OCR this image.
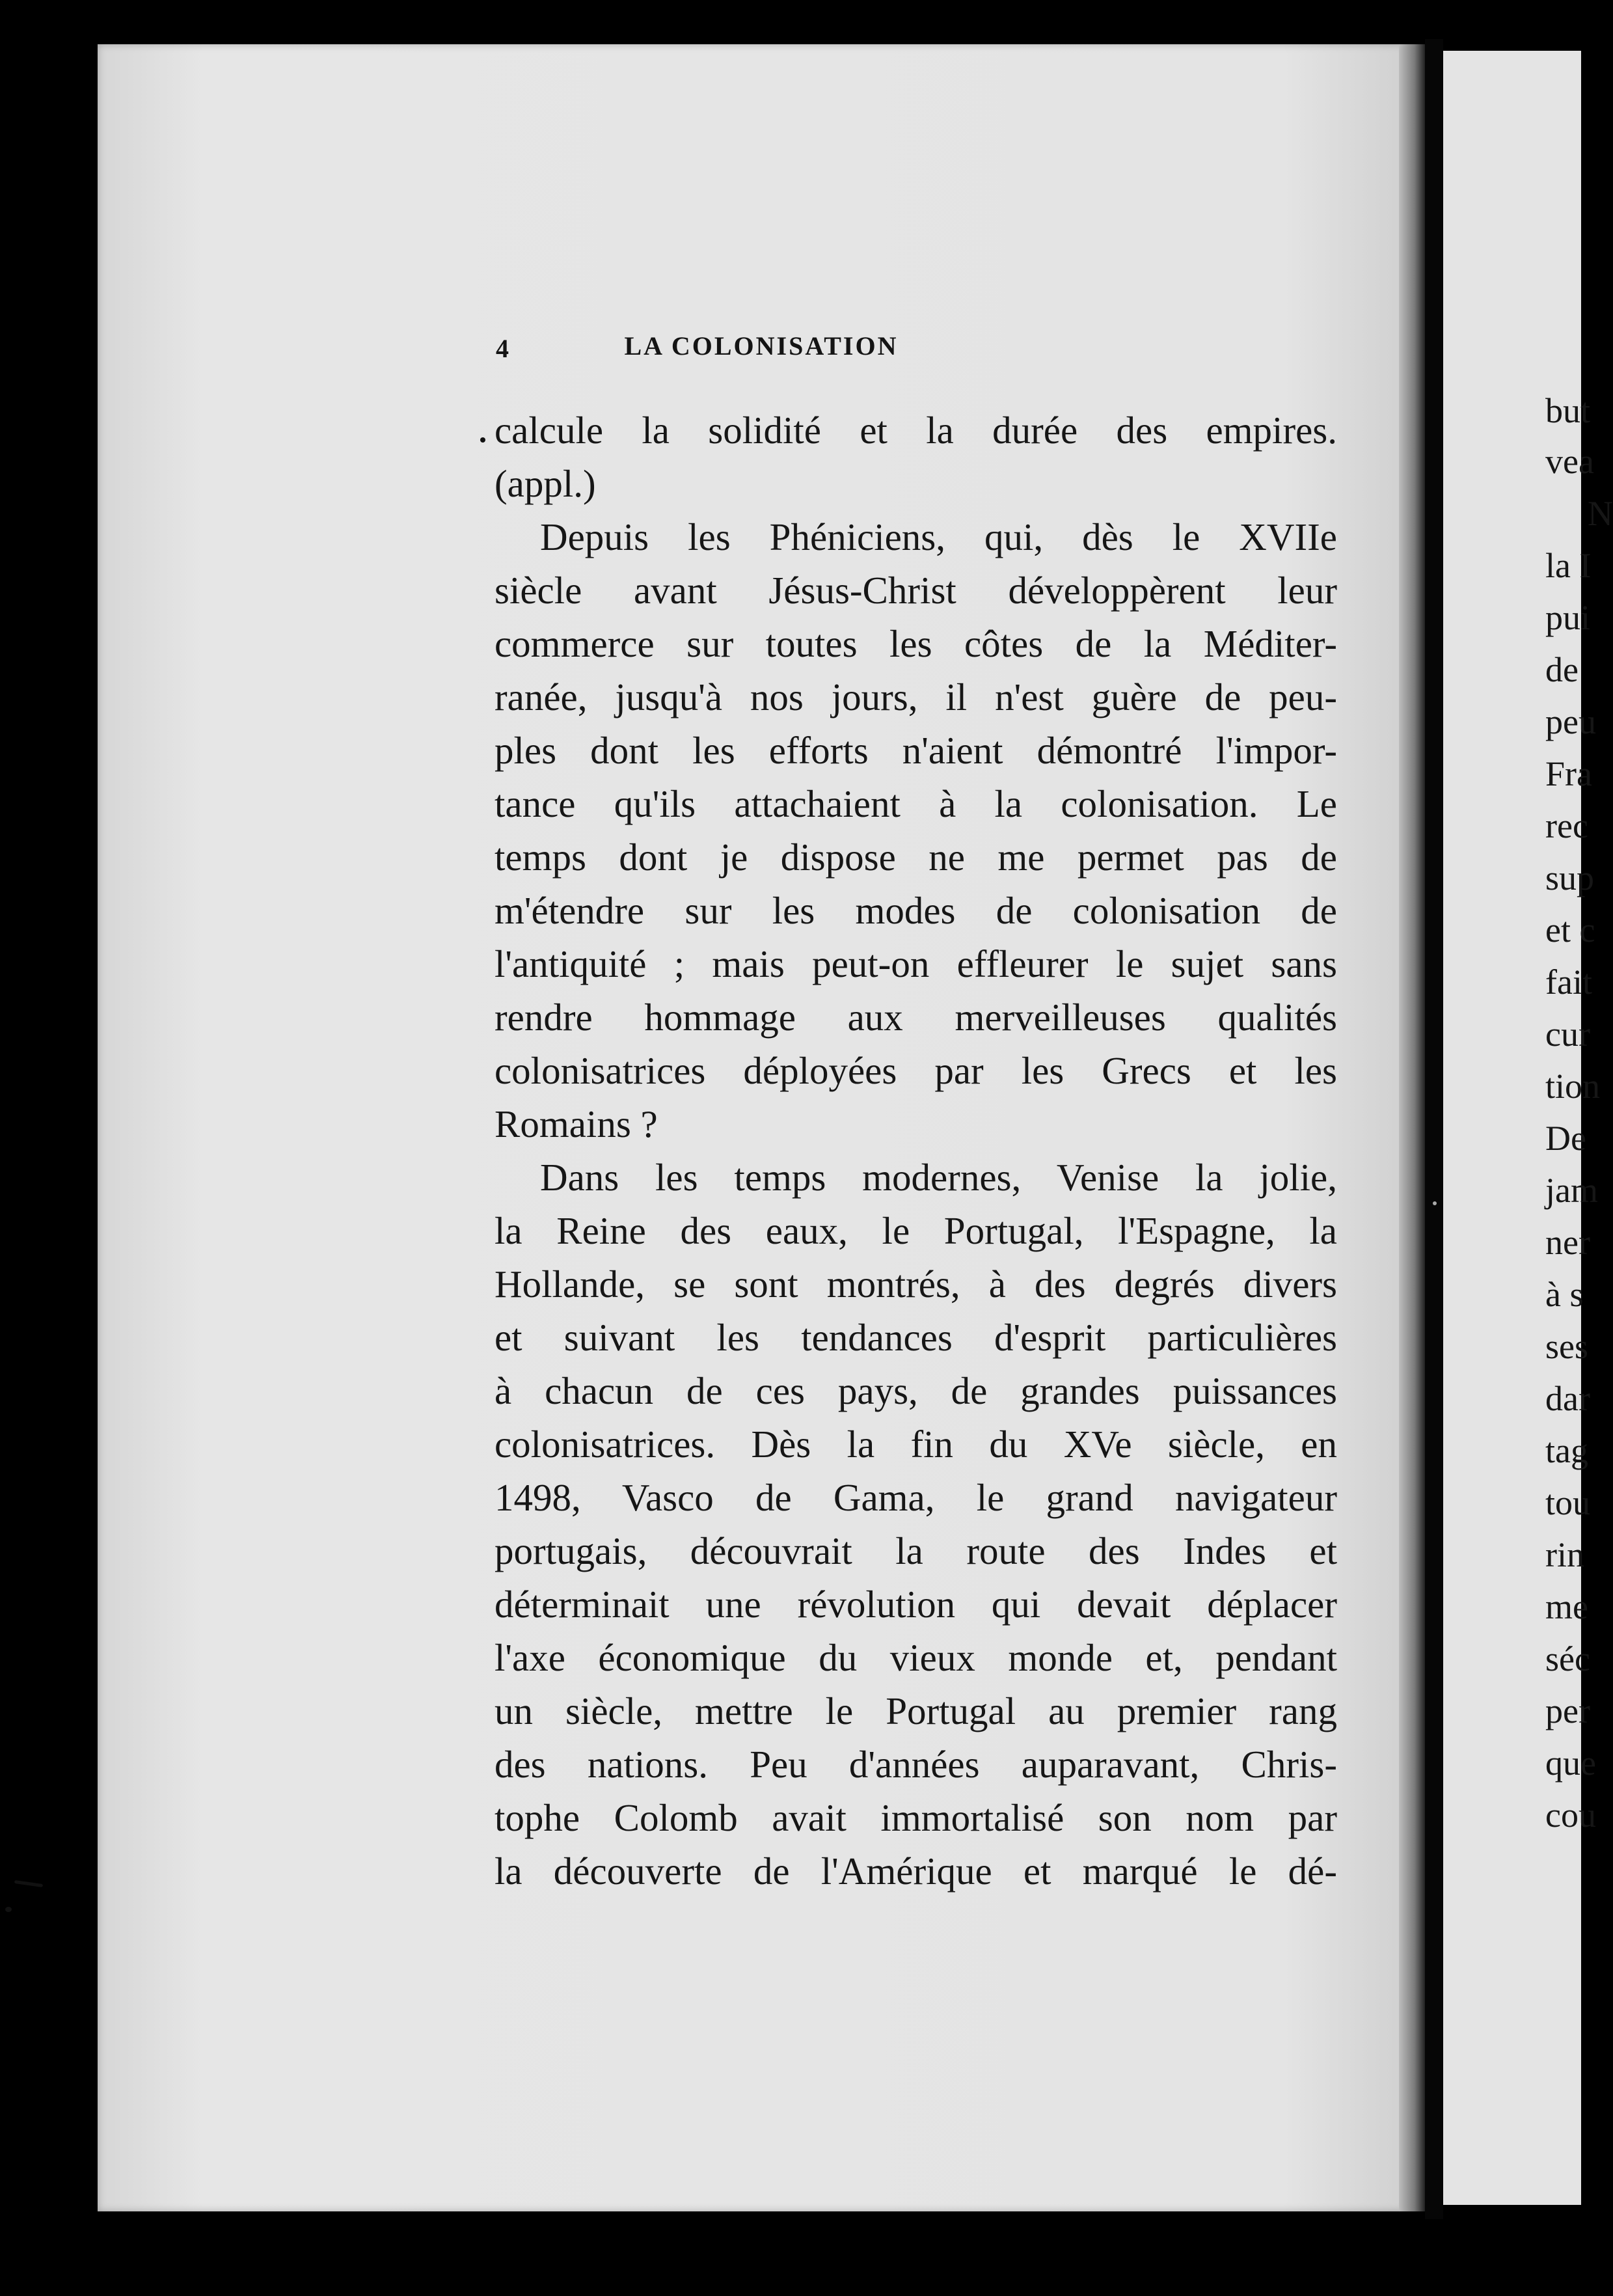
4	LA COLONISATION
calcule la solidité et la durée des empires.
(appl.)
Depuis les Phéniciens, qui, dès le XVIIe
siècle avant Jésus-Christ développèrent leur
commerce sur toutes les côtes de la Méditer-
ranée, jusqu'à nos jours, il n'est guère de peu-
ples dont les efforts n'aient démontré l'impor-
tance qu'ils attachaient à la colonisation. Le
temps dont je dispose ne me permet pas de
m'étendre sur les modes de colonisation de
l'antiquité ; mais peut-on effleurer le sujet sans
rendre hommage aux merveilleuses qualités
colonisatrices déployées par les Grecs et les
Romains ?
Dans les temps modernes, Venise la jolie,
la Reine des eaux, le Portugal, l'Espagne, la
Hollande, se sont montrés, à des degrés divers
et suivant les tendances d'esprit particulières
à chacun de ces pays, de grandes puissances
colonisatrices. Dès la fin du XVe siècle, en
1498, Vasco de Gama, le grand navigateur
portugais, découvrait la route des Indes et
déterminait une révolution qui devait déplacer
l'axe économique du vieux monde et, pendant
un siècle, mettre le Portugal au premier rang
des nations. Peu d'années auparavant, Chris-
tophe Colomb avait immortalisé son nom par
la découverte de l'Amérique et marqué le dé-
but
vea
N
la I
pui
de
peu
Fra
rec
sup
et c
fait
cur
tion
De
jam
ner
à s
ses
dar
tag
tou
rin
me
séc
per
que
cou
